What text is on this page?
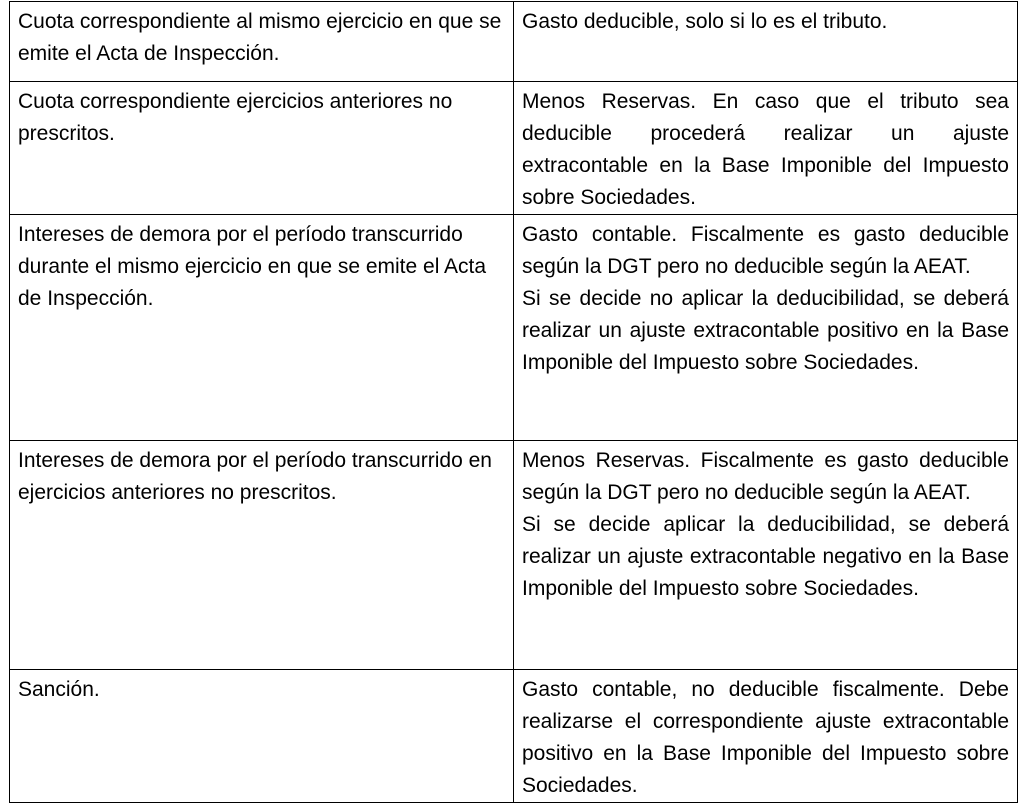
Cuota correspondiente al mismo ejercicio en que se emite el Acta de Inspección.	Gasto deducible, solo si lo es el tributo.

Cuota correspondiente ejercicios anteriores no prescritos.	Menos Reservas. En caso que el tributo sea deducible procederá realizar un ajuste extracontable en la Base Imponible del Impuesto sobre Sociedades.

Intereses de demora por el período transcurrido durante el mismo ejercicio en que se emite el Acta de Inspección.	Gasto contable. Fiscalmente es gasto deducible según la DGT pero no deducible según la AEAT.
Si se decide no aplicar la deducibilidad, se deberá realizar un ajuste extracontable positivo en la Base Imponible del Impuesto sobre Sociedades.

Intereses de demora por el período transcurrido en ejercicios anteriores no prescritos.	Menos Reservas. Fiscalmente es gasto deducible según la DGT pero no deducible según la AEAT.
Si se decide aplicar la deducibilidad, se deberá realizar un ajuste extracontable negativo en la Base Imponible del Impuesto sobre Sociedades.

Sanción.	Gasto contable, no deducible fiscalmente. Debe realizarse el correspondiente ajuste extracontable positivo en la Base Imponible del Impuesto sobre Sociedades.
